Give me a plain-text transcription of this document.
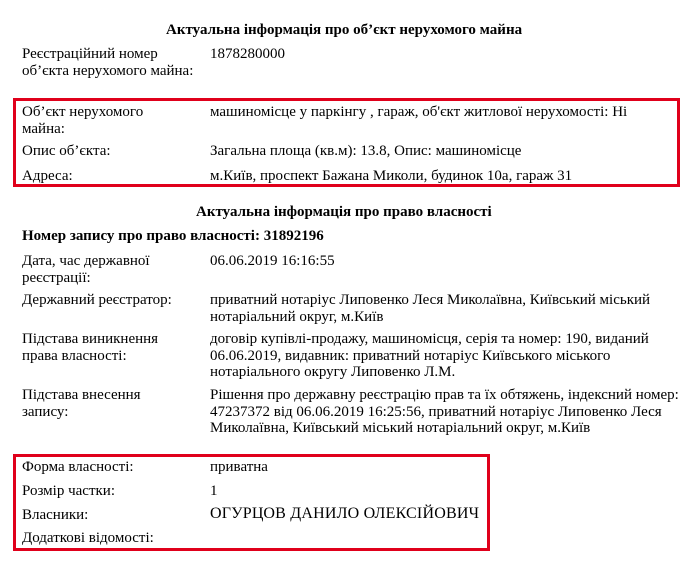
Актуальна інформація про об’єкт нерухомого майна
Реєстраційний номер об’єкта нерухомого майна:
1878280000
Об’єкт нерухомого майна:
машиномісце у паркінгу , гараж, об'єкт житлової нерухомості: Ні
Опис об’єкта:	Загальна площа (кв.м): 13.8, Опис: машиномісце
Адреса:	м.Київ, проспект Бажана Миколи, будинок 10а, гараж 31
Актуальна інформація про право власності
Номер запису про право власності: 31892196
Дата, час державної реєстрації:
06.06.2019 16:16:55
Державний реєстратор:	приватний нотаріус Липовенко Леся Миколаївна, Київський міський нотаріальний округ, м.Київ
Підстава виникнення права власності:
договір купівлі-продажу, машиномісця, серія та номер: 190, виданий 06.06.2019, видавник: приватний нотаріус Київського міського нотаріального округу Липовенко Л.М.
Підстава внесення запису:
Рішення про державну реєстрацію прав та їх обтяжень, індексний номер: 47237372 від 06.06.2019 16:25:56, приватний нотаріус Липовенко Леся Миколаївна, Київський міський нотаріальний округ, м.Київ
Форма власності:	приватна
Розмір частки:	1
Власники:	ОГУРЦОВ ДАНИЛО ОЛЕКСІЙОВИЧ
Додаткові відомості:
